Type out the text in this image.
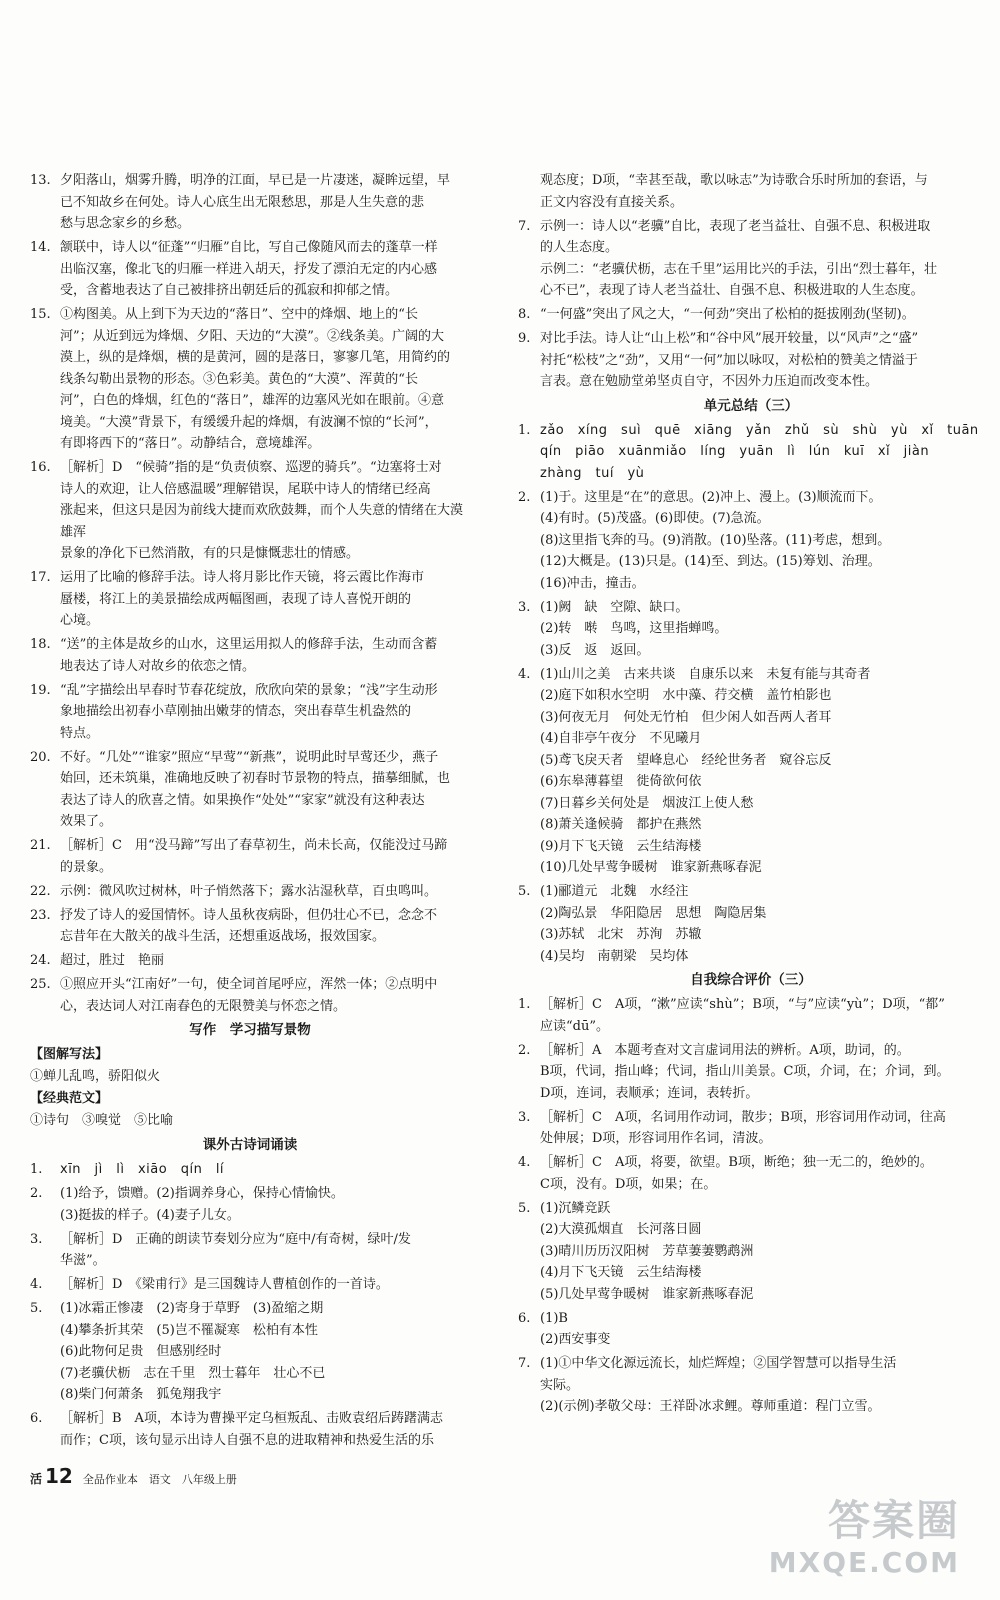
13. 夕阳落山，烟雾升腾，明净的江面，早已是一片凄迷，凝眸远望，早

已不知故乡在何处。诗人心底生出无限愁思，那是人生失意的悲

愁与思念家乡的乡愁。

14. 颔联中，诗人以“征蓬”“归雁”自比，写自己像随风而去的蓬草一样

出临汉塞，像北飞的归雁一样进入胡天，抒发了漂泊无定的内心感

受，含蓄地表达了自己被排挤出朝廷后的孤寂和抑郁之情。

15. ①构图美。从上到下为天边的“落日”、空中的烽烟、地上的“长

河”；从近到远为烽烟、夕阳、天边的“大漠”。②线条美。广阔的大

漠上，纵的是烽烟，横的是黄河，圆的是落日，寥寥几笔，用简约的

线条勾勒出景物的形态。③色彩美。黄色的“大漠”、浑黄的“长

河”，白色的烽烟，红色的“落日”，雄浑的边塞风光如在眼前。④意

境美。“大漠”背景下，有缓缓升起的烽烟，有波澜不惊的“长河”，

有即将西下的“落日”。动静结合，意境雄浑。

16. ［解析］D　“候骑”指的是“负责侦察、巡逻的骑兵”。“边塞将士对

诗人的欢迎，让人倍感温暖”理解错误，尾联中诗人的情绪已经高

涨起来，但这只是因为前线大捷而欢欣鼓舞，而个人失意的情绪在大漠雄浑

景象的净化下已然消散，有的只是慷慨悲壮的情感。

17. 运用了比喻的修辞手法。诗人将月影比作天镜，将云霞比作海市

蜃楼，将江上的美景描绘成两幅图画，表现了诗人喜悦开朗的

心境。

18. “送”的主体是故乡的山水，这里运用拟人的修辞手法，生动而含蓄

地表达了诗人对故乡的依恋之情。

19. “乱”字描绘出早春时节春花绽放，欣欣向荣的景象；“浅”字生动形

象地描绘出初春小草刚抽出嫩芽的情态，突出春草生机盎然的

特点。

20. 不好。“几处”“谁家”照应“早莺”“新燕”，说明此时早莺还少，燕子

始回，还未筑巢，准确地反映了初春时节景物的特点，描摹细腻，也

表达了诗人的欣喜之情。如果换作“处处”“家家”就没有这种表达

效果了。

21. ［解析］C　用“没马蹄”写出了春草初生，尚未长高，仅能没过马蹄

的景象。

22. 示例：微风吹过树林，叶子悄然落下；露水沾湿秋草，百虫鸣叫。

23. 抒发了诗人的爱国情怀。诗人虽秋夜病卧，但仍壮心不已，念念不

忘昔年在大散关的战斗生活，还想重返战场，报效国家。

24. 超过，胜过　艳丽

25. ①照应开头“江南好”一句，使全词首尾呼应，浑然一体；②点明中

心，表达词人对江南春色的无限赞美与怀恋之情。

写作　学习描写景物
【图解写法】
①蝉儿乱鸣，骄阳似火
【经典范文】
①诗句　③嗅觉　⑤比喻
课外古诗词诵读
1.	xīn　jì　lì　xiāo　qín　lí

2.	(1)给予，馈赠。(2)指调养身心，保持心情愉快。

(3)挺拔的样子。(4)妻子儿女。

3.	［解析］D　正确的朗读节奏划分应为“庭中/有奇树，绿叶/发

华滋”。

4.	［解析］D　《梁甫行》是三国魏诗人曹植创作的一首诗。

5.	(1)冰霜正惨凄　(2)寄身于草野　(3)盈缩之期

(4)攀条折其荣　(5)岂不罹凝寒　松柏有本性

(6)此物何足贵　但感别经时

(7)老骥伏枥　志在千里　烈士暮年　壮心不已

(8)柴门何萧条　狐兔翔我宇

6.	［解析］B　A项，本诗为曹操平定乌桓叛乱、击败袁绍后踌躇满志

而作；C项，该句显示出诗人自强不息的进取精神和热爱生活的乐

观态度；D项，“幸甚至哉，歌以咏志”为诗歌合乐时所加的套语，与

正文内容没有直接关系。

7. 示例一：诗人以“老骥”自比，表现了老当益壮、自强不息、积极进取

的人生态度。

示例二：“老骥伏枥，志在千里”运用比兴的手法，引出“烈士暮年，壮

心不已”，表现了诗人老当益壮、自强不息、积极进取的人生态度。

8. “一何盛”突出了风之大，“一何劲”突出了松柏的挺拔刚劲(坚韧)。

9. 对比手法。诗人让“山上松”和“谷中风”展开较量，以“风声”之“盛”

衬托“松枝”之“劲”，又用“一何”加以咏叹，对松柏的赞美之情溢于

言表。意在勉励堂弟坚贞自守，不因外力压迫而改变本性。

单元总结（三）
1. zǎo　xíng　suì　quē　xiāng　yǎn　zhǔ　sù　shù　yù　xǐ　tuān

qín　piāo　xuānmiǎo　líng　yuān　lì　lún　kuī　xǐ　jiàn

zhàng　tuí　yù

2. (1)于。这里是“在”的意思。(2)冲上、漫上。(3)顺流而下。

(4)有时。(5)茂盛。(6)即使。(7)急流。

(8)这里指飞奔的马。(9)消散。(10)坠落。(11)考虑，想到。

(12)大概是。(13)只是。(14)至、到达。(15)筹划、治理。

(16)冲击，撞击。

3. (1)阙　缺　空隙、缺口。

(2)转　啭　鸟鸣，这里指蝉鸣。

(3)反　返　返回。

4. (1)山川之美　古来共谈　自康乐以来　未复有能与其奇者

(2)庭下如积水空明　水中藻、荇交横　盖竹柏影也

(3)何夜无月　何处无竹柏　但少闲人如吾两人者耳

(4)自非亭午夜分　不见曦月

(5)鸢飞戾天者　望峰息心　经纶世务者　窥谷忘反

(6)东皋薄暮望　徙倚欲何依

(7)日暮乡关何处是　烟波江上使人愁

(8)萧关逢候骑　都护在燕然

(9)月下飞天镜　云生结海楼

(10)几处早莺争暖树　谁家新燕啄春泥

5. (1)郦道元　北魏　水经注

(2)陶弘景　华阳隐居　思想　陶隐居集

(3)苏轼　北宋　苏洵　苏辙

(4)吴均　南朝梁　吴均体

自我综合评价（三）
1. ［解析］C　A项，“漱”应读“shù”；B项，“与”应读“yù”；D项，“都”

应读“dū”。

2. ［解析］A　本题考查对文言虚词用法的辨析。A项，助词，的。

B项，代词，指山峰；代词，指山川美景。C项，介词，在；介词，到。

D项，连词，表顺承；连词，表转折。

3. ［解析］C　A项，名词用作动词，散步；B项，形容词用作动词，往高

处伸展；D项，形容词用作名词，清波。

4. ［解析］C　A项，将要，欲望。B项，断绝；独一无二的，绝妙的。

C项，没有。D项，如果；在。

5. (1)沉鳞竞跃

(2)大漠孤烟直　长河落日圆

(3)晴川历历汉阳树　芳草萋萋鹦鹉洲

(4)月下飞天镜　云生结海楼

(5)几处早莺争暖树　谁家新燕啄春泥

6. (1)B

(2)西安事变

7. (1)①中华文化源远流长，灿烂辉煌；②国学智慧可以指导生活

实际。

(2)(示例)孝敬父母：王祥卧冰求鲤。尊师重道：程门立雪。

活 12 全品作业本　语文　八年级上册
答案圈
MXQE.COM
